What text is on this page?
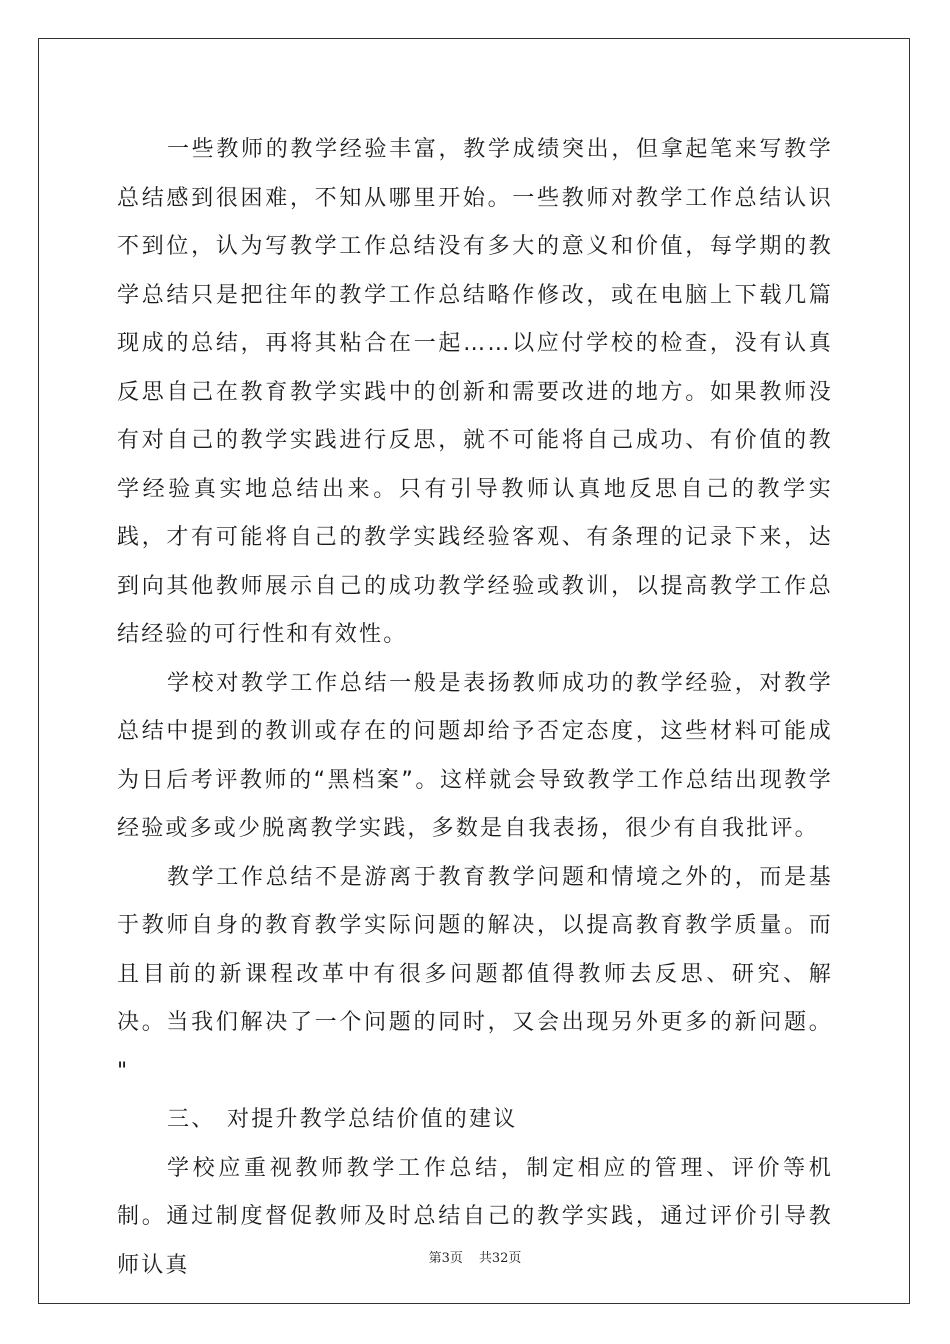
一些教师的教学经验丰富，教学成绩突出，但拿起笔来写教学总结感到很困难，不知从哪里开始。一些教师对教学工作总结认识不到位，认为写教学工作总结没有多大的意义和价值，每学期的教学总结只是把往年的教学工作总结略作修改，或在电脑上下载几篇现成的总结，再将其粘合在一起……以应付学校的检查，没有认真反思自己在教育教学实践中的创新和需要改进的地方。如果教师没有对自己的教学实践进行反思，就不可能将自己成功、有价值的教学经验真实地总结出来。只有引导教师认真地反思自己的教学实践，才有可能将自己的教学实践经验客观、有条理的记录下来，达到向其他教师展示自己的成功教学经验或教训，以提高教学工作总结经验的可行性和有效性。

学校对教学工作总结一般是表扬教师成功的教学经验，对教学总结中提到的教训或存在的问题却给予否定态度，这些材料可能成为日后考评教师的“黑档案”。这样就会导致教学工作总结出现教学经验或多或少脱离教学实践，多数是自我表扬，很少有自我批评。

教学工作总结不是游离于教育教学问题和情境之外的，而是基于教师自身的教育教学实际问题的解决，以提高教育教学质量。而且目前的新课程改革中有很多问题都值得教师去反思、研究、解决。当我们解决了一个问题的同时，又会出现另外更多的新问题。 "

三、 对提升教学总结价值的建议

学校应重视教师教学工作总结，制定相应的管理、评价等机制。通过制度督促教师及时总结自己的教学实践，通过评价引导教师认真	第3页 共32页
